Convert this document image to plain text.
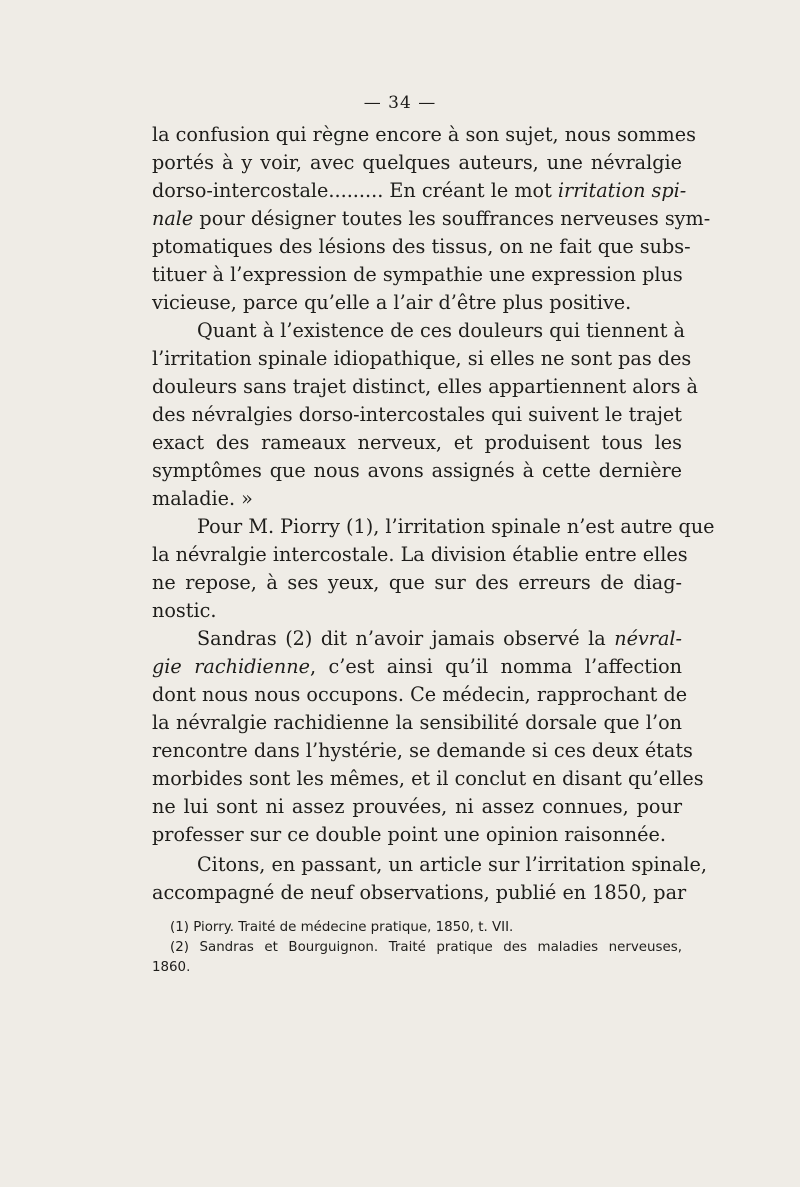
— 34 —
la confusion qui règne encore à son sujet, nous sommes
portés à y voir, avec quelques auteurs, une névralgie
dorso-intercostale......... En créant le mot irritation spi-
nale pour désigner toutes les souffrances nerveuses sym-
ptomatiques des lésions des tissus, on ne fait que subs-
tituer à l’expression de sympathie une expression plus
vicieuse, parce qu’elle a l’air d’être plus positive.
Quant à l’existence de ces douleurs qui tiennent à
l’irritation spinale idiopathique, si elles ne sont pas des
douleurs sans trajet distinct, elles appartiennent alors à
des névralgies dorso-intercostales qui suivent le trajet
exact des rameaux nerveux, et produisent tous les
symptômes que nous avons assignés à cette dernière
maladie. »
Pour M. Piorry (1), l’irritation spinale n’est autre que
la névralgie intercostale. La division établie entre elles
ne repose, à ses yeux, que sur des erreurs de diag-
nostic.
Sandras (2) dit n’avoir jamais observé la névral-
gie rachidienne, c’est ainsi qu’il nomma l’affection
dont nous nous occupons. Ce médecin, rapprochant de
la névralgie rachidienne la sensibilité dorsale que l’on
rencontre dans l’hystérie, se demande si ces deux états
morbides sont les mêmes, et il conclut en disant qu’elles
ne lui sont ni assez prouvées, ni assez connues, pour
professer sur ce double point une opinion raisonnée.
Citons, en passant, un article sur l’irritation spinale,
accompagné de neuf observations, publié en 1850, par
(1) Piorry. Traité de médecine pratique, 1850, t. VII.
(2) Sandras et Bourguignon. Traité pratique des maladies nerveuses,
1860.
